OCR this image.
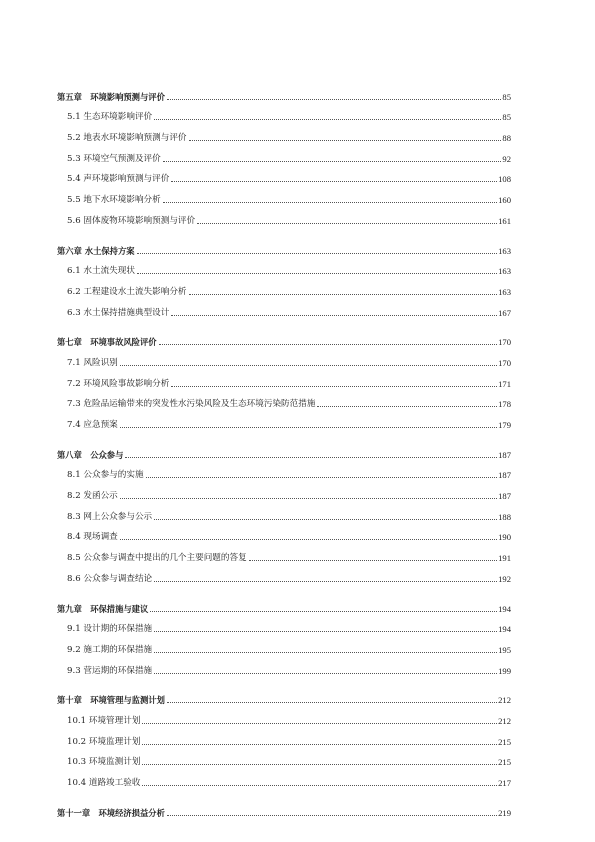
第五章　环境影响预测与评价	85
5.1 生态环境影响评价	85
5.2 地表水环境影响预测与评价	88
5.3 环境空气预测及评价	92
5.4 声环境影响预测与评价	108
5.5 地下水环境影响分析	160
5.6 固体废物环境影响预测与评价	161
第六章 水土保持方案	163
6.1 水土流失现状	163
6.2 工程建设水土流失影响分析	163
6.3 水土保持措施典型设计	167
第七章　环境事故风险评价	170
7.1 风险识别	170
7.2 环境风险事故影响分析	171
7.3 危险品运输带来的突发性水污染风险及生态环境污染防范措施	178
7.4 应急预案	179
第八章　公众参与	187
8.1 公众参与的实施	187
8.2 发函公示	187
8.3 网上公众参与公示	188
8.4 现场调查	190
8.5 公众参与调查中提出的几个主要问题的答复	191
8.6 公众参与调查结论	192
第九章　环保措施与建议	194
9.1 设计期的环保措施	194
9.2 施工期的环保措施	195
9.3 营运期的环保措施	199
第十章　环境管理与监测计划	212
10.1 环境管理计划	212
10.2 环境监理计划	215
10.3 环境监测计划	215
10.4 道路竣工验收	217
第十一章　环境经济损益分析	219
